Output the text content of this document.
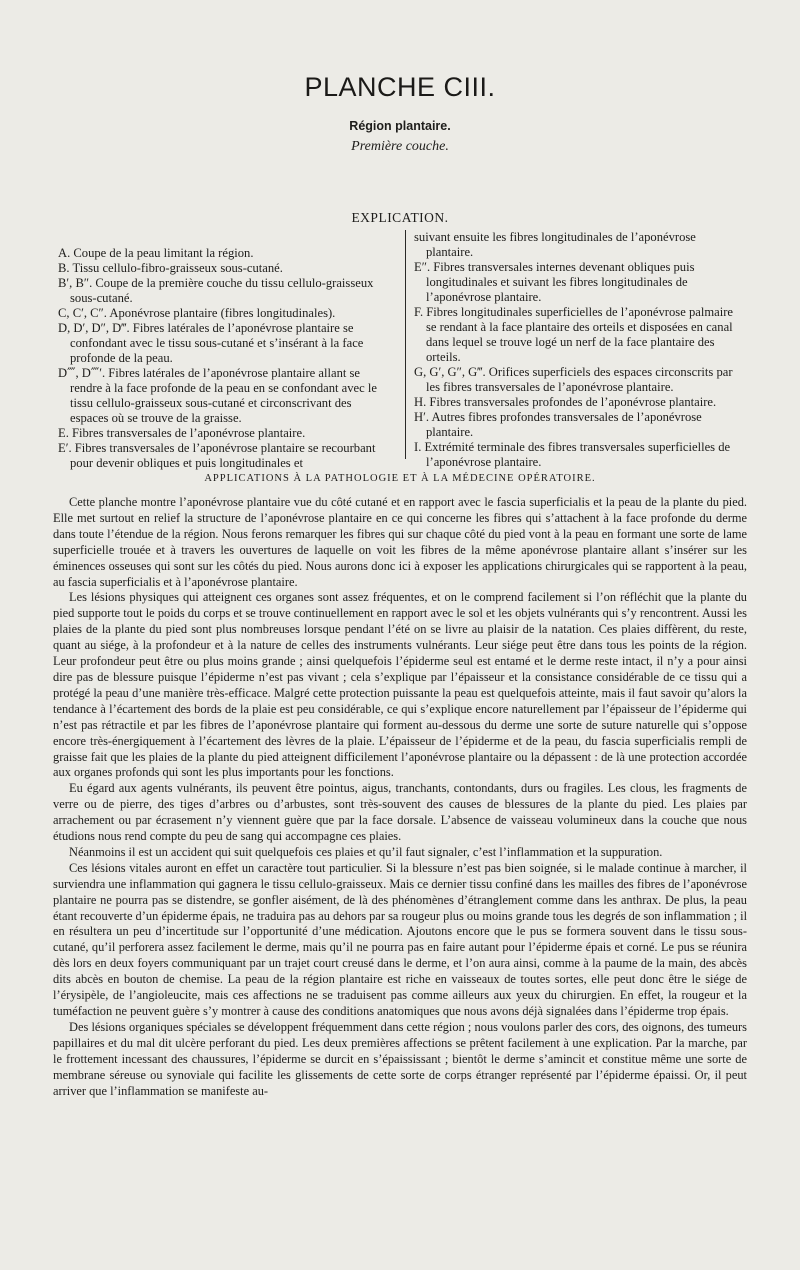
PLANCHE CIII.
Région plantaire.
Première couche.
EXPLICATION.

A. Coupe de la peau limitant la région.

B. Tissu cellulo-fibro-graisseux sous-cutané.

B′, B″. Coupe de la première couche du tissu cellulo-graisseux sous-cutané.

C, C′, C″. Aponévrose plantaire (fibres longitudinales).

D, D′, D″, D‴. Fibres latérales de l’aponévrose plantaire se confondant avec le tissu sous-cutané et s’insérant à la face profonde de la peau.

D⁗, D⁗′. Fibres latérales de l’aponévrose plantaire allant se rendre à la face profonde de la peau en se confondant avec le tissu cellulo-graisseux sous-cutané et circonscrivant des espaces où se trouve de la graisse.

E. Fibres transversales de l’aponévrose plantaire.

E′. Fibres transversales de l’aponévrose plantaire se recourbant pour devenir obliques et puis longitudinales et

suivant ensuite les fibres longitudinales de l’aponévrose plantaire.

E″. Fibres transversales internes devenant obliques puis longitudinales et suivant les fibres longitudinales de l’aponévrose plantaire.

F. Fibres longitudinales superficielles de l’aponévrose palmaire se rendant à la face plantaire des orteils et disposées en canal dans lequel se trouve logé un nerf de la face plantaire des orteils.

G, G′, G″, G‴. Orifices superficiels des espaces circonscrits par les fibres transversales de l’aponévrose plantaire.

H. Fibres transversales profondes de l’aponévrose plantaire.

H′. Autres fibres profondes transversales de l’aponévrose plantaire.

I. Extrémité terminale des fibres transversales superficielles de l’aponévrose plantaire.

APPLICATIONS À LA PATHOLOGIE ET À LA MÉDECINE OPÉRATOIRE.

Cette planche montre l’aponévrose plantaire vue du côté cutané et en rapport avec le fascia superficialis et la peau de la plante du pied. Elle met surtout en relief la structure de l’aponévrose plantaire en ce qui concerne les fibres qui s’attachent à la face profonde du derme dans toute l’étendue de la région. Nous ferons remarquer les fibres qui sur chaque côté du pied vont à la peau en formant une sorte de lame superficielle trouée et à travers les ouvertures de laquelle on voit les fibres de la même aponévrose plantaire allant s’insérer sur les éminences osseuses qui sont sur les côtés du pied. Nous aurons donc ici à exposer les applications chirurgicales qui se rapportent à la peau, au fascia superficialis et à l’aponévrose plantaire.

Les lésions physiques qui atteignent ces organes sont assez fréquentes, et on le comprend facilement si l’on réfléchit que la plante du pied supporte tout le poids du corps et se trouve continuellement en rapport avec le sol et les objets vulnérants qui s’y rencontrent. Aussi les plaies de la plante du pied sont plus nombreuses lorsque pendant l’été on se livre au plaisir de la natation. Ces plaies diffèrent, du reste, quant au siége, à la profondeur et à la nature de celles des instruments vulnérants. Leur siége peut être dans tous les points de la région. Leur profondeur peut être ou plus moins grande ; ainsi quelquefois l’épiderme seul est entamé et le derme reste intact, il n’y a pour ainsi dire pas de blessure puisque l’épiderme n’est pas vivant ; cela s’explique par l’épaisseur et la consistance considérable de ce tissu qui a protégé la peau d’une manière très-efficace. Malgré cette protection puissante la peau est quelquefois atteinte, mais il faut savoir qu’alors la tendance à l’écartement des bords de la plaie est peu considérable, ce qui s’explique encore naturellement par l’épaisseur de l’épiderme qui n’est pas rétractile et par les fibres de l’aponévrose plantaire qui forment au-dessous du derme une sorte de suture naturelle qui s’oppose encore très-énergiquement à l’écartement des lèvres de la plaie. L’épaisseur de l’épiderme et de la peau, du fascia superficialis rempli de graisse fait que les plaies de la plante du pied atteignent difficilement l’aponévrose plantaire ou la dépassent : de là une protection accordée aux organes profonds qui sont les plus importants pour les fonctions.

Eu égard aux agents vulnérants, ils peuvent être pointus, aigus, tranchants, contondants, durs ou fragiles. Les clous, les fragments de verre ou de pierre, des tiges d’arbres ou d’arbustes, sont très-souvent des causes de blessures de la plante du pied. Les plaies par arrachement ou par écrasement n’y viennent guère que par la face dorsale. L’absence de vaisseau volumineux dans la couche que nous étudions nous rend compte du peu de sang qui accompagne ces plaies.

Néanmoins il est un accident qui suit quelquefois ces plaies et qu’il faut signaler, c’est l’inflammation et la suppuration.

Ces lésions vitales auront en effet un caractère tout particulier. Si la blessure n’est pas bien soignée, si le malade continue à marcher, il surviendra une inflammation qui gagnera le tissu cellulo-graisseux. Mais ce dernier tissu confiné dans les mailles des fibres de l’aponévrose plantaire ne pourra pas se distendre, se gonfler aisément, de là des phénomènes d’étranglement comme dans les anthrax. De plus, la peau étant recouverte d’un épiderme épais, ne traduira pas au dehors par sa rougeur plus ou moins grande tous les degrés de son inflammation ; il en résultera un peu d’incertitude sur l’opportunité d’une médication. Ajoutons encore que le pus se formera souvent dans le tissu sous-cutané, qu’il perforera assez facilement le derme, mais qu’il ne pourra pas en faire autant pour l’épiderme épais et corné. Le pus se réunira dès lors en deux foyers communiquant par un trajet court creusé dans le derme, et l’on aura ainsi, comme à la paume de la main, des abcès dits abcès en bouton de chemise. La peau de la région plantaire est riche en vaisseaux de toutes sortes, elle peut donc être le siége de l’érysipèle, de l’angioleucite, mais ces affections ne se traduisent pas comme ailleurs aux yeux du chirurgien. En effet, la rougeur et la tuméfaction ne peuvent guère s’y montrer à cause des conditions anatomiques que nous avons déjà signalées dans l’épiderme trop épais.

Des lésions organiques spéciales se développent fréquemment dans cette région ; nous voulons parler des cors, des oignons, des tumeurs papillaires et du mal dit ulcère perforant du pied. Les deux premières affections se prêtent facilement à une explication. Par la marche, par le frottement incessant des chaussures, l’épiderme se durcit en s’épaississant ; bientôt le derme s’amincit et constitue même une sorte de membrane séreuse ou synoviale qui facilite les glissements de cette sorte de corps étranger représenté par l’épiderme épaissi. Or, il peut arriver que l’inflammation se manifeste au-
